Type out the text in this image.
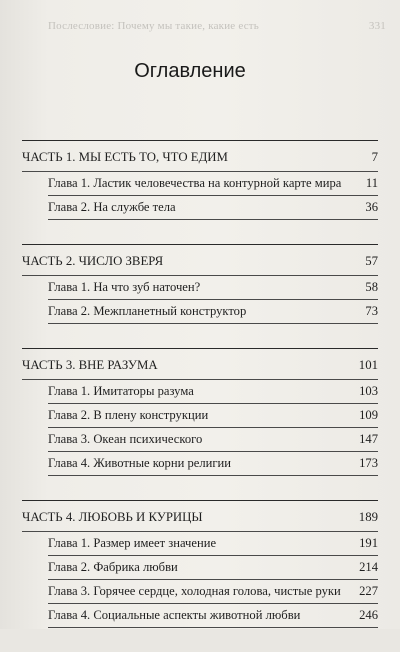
Послесловие: Почему мы такие, какие есть	331
Оглавление
ЧАСТЬ 1. МЫ ЕСТЬ ТО, ЧТО ЕДИМ	7
Глава 1. Ластик человечества на контурной карте мира 11
Глава 2. На службе тела	36
ЧАСТЬ 2. ЧИСЛО ЗВЕРЯ	57
Глава 1. На что зуб наточен?	58
Глава 2. Межпланетный конструктор	73
ЧАСТЬ 3. ВНЕ РАЗУМА	101
Глава 1. Имитаторы разума	103
Глава 2. В плену конструкции	109
Глава 3. Океан психического	147
Глава 4. Животные корни религии	173
ЧАСТЬ 4. ЛЮБОВЬ И КУРИЦЫ	189
Глава 1. Размер имеет значение	191
Глава 2. Фабрика любви	214
Глава 3. Горячее сердце, холодная голова, чистые руки 227
Глава 4. Социальные аспекты животной любви	246
